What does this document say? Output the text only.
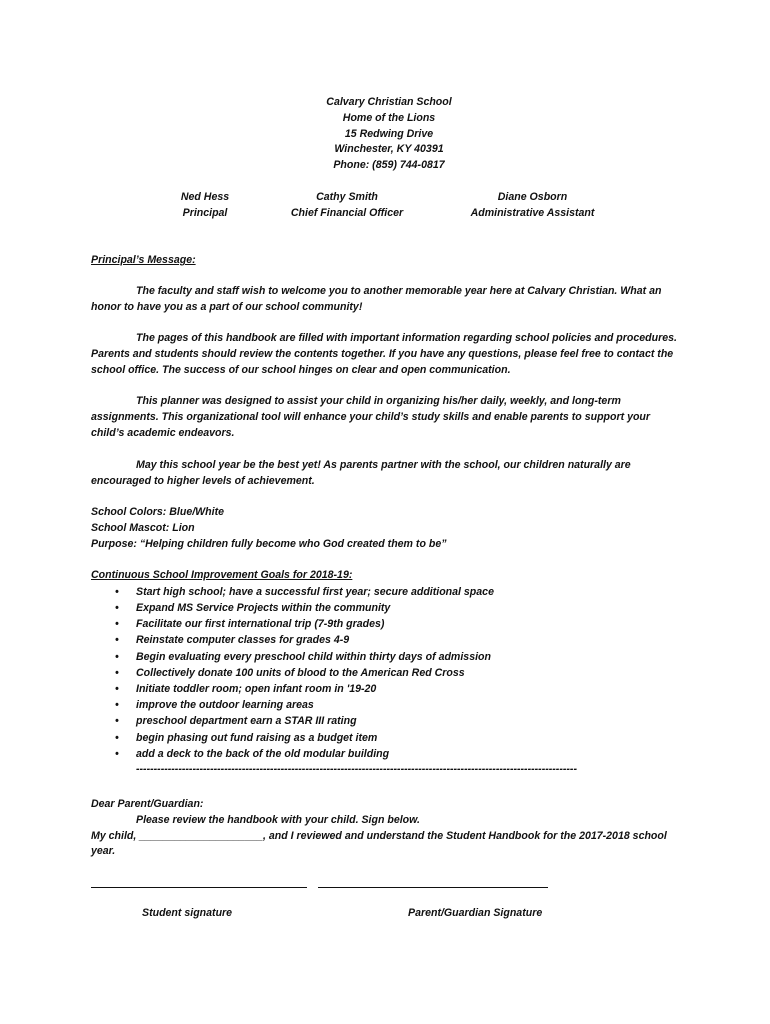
Calvary Christian School
Home of the Lions
15 Redwing Drive
Winchester, KY 40391
Phone: (859) 744-0817
Ned Hess
Principal
Cathy Smith
Chief Financial Officer
Diane Osborn
Administrative Assistant
Principal’s Message:
The faculty and staff wish to welcome you to another memorable year here at Calvary Christian. What an honor to have you as a part of our school community!
The pages of this handbook are filled with important information regarding school policies and procedures. Parents and students should review the contents together. If you have any questions, please feel free to contact the school office. The success of our school hinges on clear and open communication.
This planner was designed to assist your child in organizing his/her daily, weekly, and long-term assignments. This organizational tool will enhance your child’s study skills and enable parents to support your child’s academic endeavors.
May this school year be the best yet! As parents partner with the school, our children naturally are encouraged to higher levels of achievement.
School Colors: Blue/White
School Mascot: Lion
Purpose: “Helping children fully become who God created them to be”
Continuous School Improvement Goals for 2018-19:
• Start high school; have a successful first year; secure additional space
• Expand MS Service Projects within the community
• Facilitate our first international trip (7-9th grades)
• Reinstate computer classes for grades 4-9
• Begin evaluating every preschool child within thirty days of admission
• Collectively donate 100 units of blood to the American Red Cross
• Initiate toddler room; open infant room in '19-20
• improve the outdoor learning areas
• preschool department earn a STAR III rating
• begin phasing out fund raising as a budget item
• add a deck to the back of the old modular building
-----------------------------------------------------------------------------------------------------------------------------
Dear Parent/Guardian:
Please review the handbook with your child. Sign below.
My child, _____________________, and I reviewed and understand the Student Handbook for the 2017-2018 school year.
Student signature	Parent/Guardian Signature
